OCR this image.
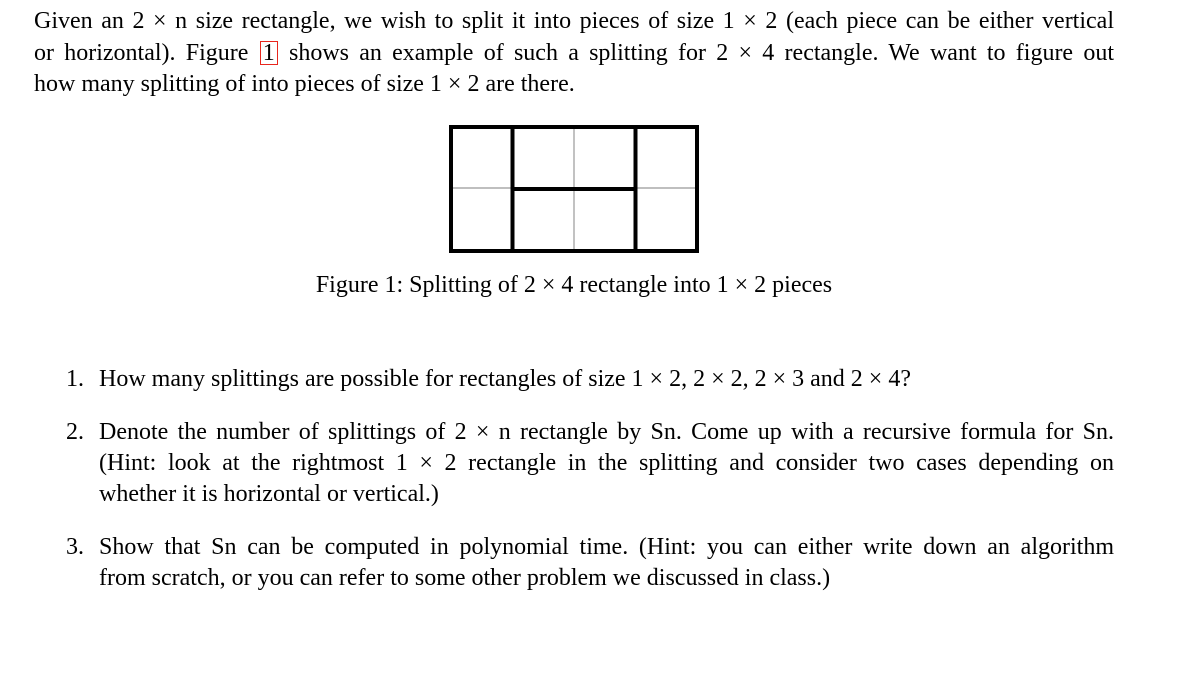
Given an 2 × n size rectangle, we wish to split it into pieces of size 1 × 2 (each piece can be either vertical
or horizontal). Figure 1 shows an example of such a splitting for 2 × 4 rectangle. We want to figure out
how many splitting of into pieces of size 1 × 2 are there.
Figure 1: Splitting of 2 × 4 rectangle into 1 × 2 pieces
1. How many splittings are possible for rectangles of size 1 × 2, 2 × 2, 2 × 3 and 2 × 4?
2. Denote the number of splittings of 2 × n rectangle by Sn. Come up with a recursive formula for Sn.
(Hint: look at the rightmost 1 × 2 rectangle in the splitting and consider two cases depending on
whether it is horizontal or vertical.)
3. Show that Sn can be computed in polynomial time. (Hint: you can either write down an algorithm
from scratch, or you can refer to some other problem we discussed in class.)
